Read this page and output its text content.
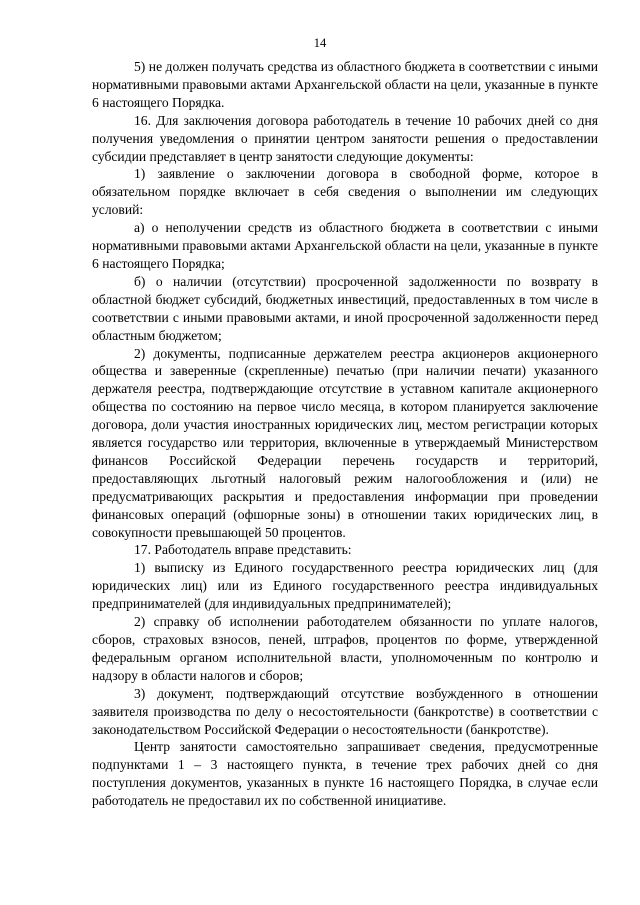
14

5) не должен получать средства из областного бюджета в соответствии с иными нормативными правовыми актами Архангельской области на цели, указанные в пункте 6 настоящего Порядка.

16. Для заключения договора работодатель в течение 10 рабочих дней со дня получения уведомления о принятии центром занятости решения о предоставлении субсидии представляет в центр занятости следующие документы:

1) заявление о заключении договора в свободной форме, которое в обязательном порядке включает в себя сведения о выполнении им следующих условий:

а) о неполучении средств из областного бюджета в соответствии с иными нормативными правовыми актами Архангельской области на цели, указанные в пункте 6 настоящего Порядка;

б) о наличии (отсутствии) просроченной задолженности по возврату в областной бюджет субсидий, бюджетных инвестиций, предоставленных в том числе в соответствии с иными правовыми актами, и иной просроченной задолженности перед областным бюджетом;

2) документы, подписанные держателем реестра акционеров акционерного общества и заверенные (скрепленные) печатью (при наличии печати) указанного держателя реестра, подтверждающие отсутствие в уставном капитале акционерного общества по состоянию на первое число месяца, в котором планируется заключение договора, доли участия иностранных юридических лиц, местом регистрации которых является государство или территория, включенные в утверждаемый Министерством финансов Российской Федерации перечень государств и территорий, предоставляющих льготный налоговый режим налогообложения и (или) не предусматривающих раскрытия и предоставления информации при проведении финансовых операций (офшорные зоны) в отношении таких юридических лиц, в совокупности превышающей 50 процентов.

17. Работодатель вправе представить:

1) выписку из Единого государственного реестра юридических лиц (для юридических лиц) или из Единого государственного реестра индивидуальных предпринимателей (для индивидуальных предпринимателей);

2) справку об исполнении работодателем обязанности по уплате налогов, сборов, страховых взносов, пеней, штрафов, процентов по форме, утвержденной федеральным органом исполнительной власти, уполномоченным по контролю и надзору в области налогов и сборов;

3) документ, подтверждающий отсутствие возбужденного в отношении заявителя производства по делу о несостоятельности (банкротстве) в соответствии с законодательством Российской Федерации о несостоятельности (банкротстве).

Центр занятости самостоятельно запрашивает сведения, предусмотренные подпунктами 1 – 3 настоящего пункта, в течение трех рабочих дней со дня поступления документов, указанных в пункте 16 настоящего Порядка, в случае если работодатель не предоставил их по собственной инициативе.
